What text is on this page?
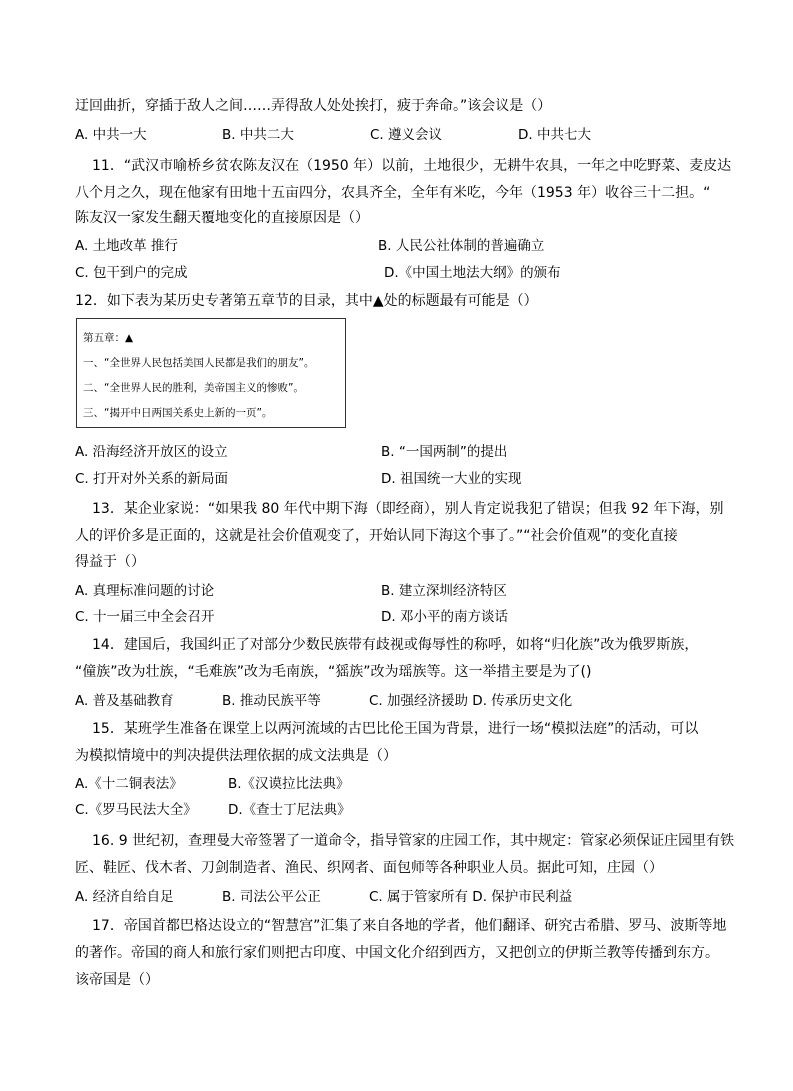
迂回曲折，穿插于敌人之间……弄得敌人处处挨打，疲于奔命。”该会议是（）
A. 中共一大	B. 中共二大	C. 遵义会议	D. 中共七大
11．“武汉市喻桥乡贫农陈友汉在（1950 年）以前，土地很少，无耕牛农具，一年之中吃野菜、麦皮达
八个月之久，现在他家有田地十五亩四分，农具齐全，全年有米吃，今年（1953 年）收谷三十二担。“
陈友汉一家发生翻天覆地变化的直接原因是（）
A. 土地改革 推行	B. 人民公社体制的普遍确立
C. 包干到户的完成	D.《中国土地法大纲》的颁布
12．如下表为某历史专著第五章节的目录，其中▲处的标题最有可能是（）
第五章：▲
一、“全世界人民包括美国人民都是我们的朋友”。
二、“全世界人民的胜利，美帝国主义的惨败”。
三、“揭开中日两国关系史上新的一页”。
A. 沿海经济开放区的设立	B. “一国两制”的提出
C. 打开对外关系的新局面	D. 祖国统一大业的实现
13．某企业家说：“如果我 80 年代中期下海（即经商），别人肯定说我犯了错误；但我 92 年下海，别
人的评价多是正面的，这就是社会价值观变了，开始认同下海这个事了。”“社会价值观”的变化直接
得益于（）
A. 真理标准问题的讨论	B. 建立深圳经济特区
C. 十一届三中全会召开	D. 邓小平的南方谈话
14．建国后，我国纠正了对部分少数民族带有歧视或侮辱性的称呼，如将“归化族”改为俄罗斯族，
“僮族”改为壮族，“毛难族”改为毛南族，“猺族”改为瑶族等。这一举措主要是为了()
A. 普及基础教育	B. 推动民族平等	C. 加强经济援助 D. 传承历史文化
15．某班学生准备在课堂上以两河流域的古巴比伦王国为背景，进行一场“模拟法庭”的活动，可以
为模拟情境中的判决提供法理依据的成文法典是（）
A.《十二铜表法》	B.《汉谟拉比法典》
C.《罗马民法大全》 D.《查士丁尼法典》
16. 9 世纪初，查理曼大帝签署了一道命令，指导管家的庄园工作，其中规定：管家必须保证庄园里有铁
匠、鞋匠、伐木者、刀剑制造者、渔民、织网者、面包师等各种职业人员。据此可知，庄园（）
A. 经济自给自足	B. 司法公平公正	C. 属于管家所有 D. 保护市民利益
17．帝国首都巴格达设立的“智慧宫”汇集了来自各地的学者，他们翻译、研究古希腊、罗马、波斯等地
的著作。帝国的商人和旅行家们则把古印度、中国文化介绍到西方，又把创立的伊斯兰教等传播到东方。
该帝国是（）
